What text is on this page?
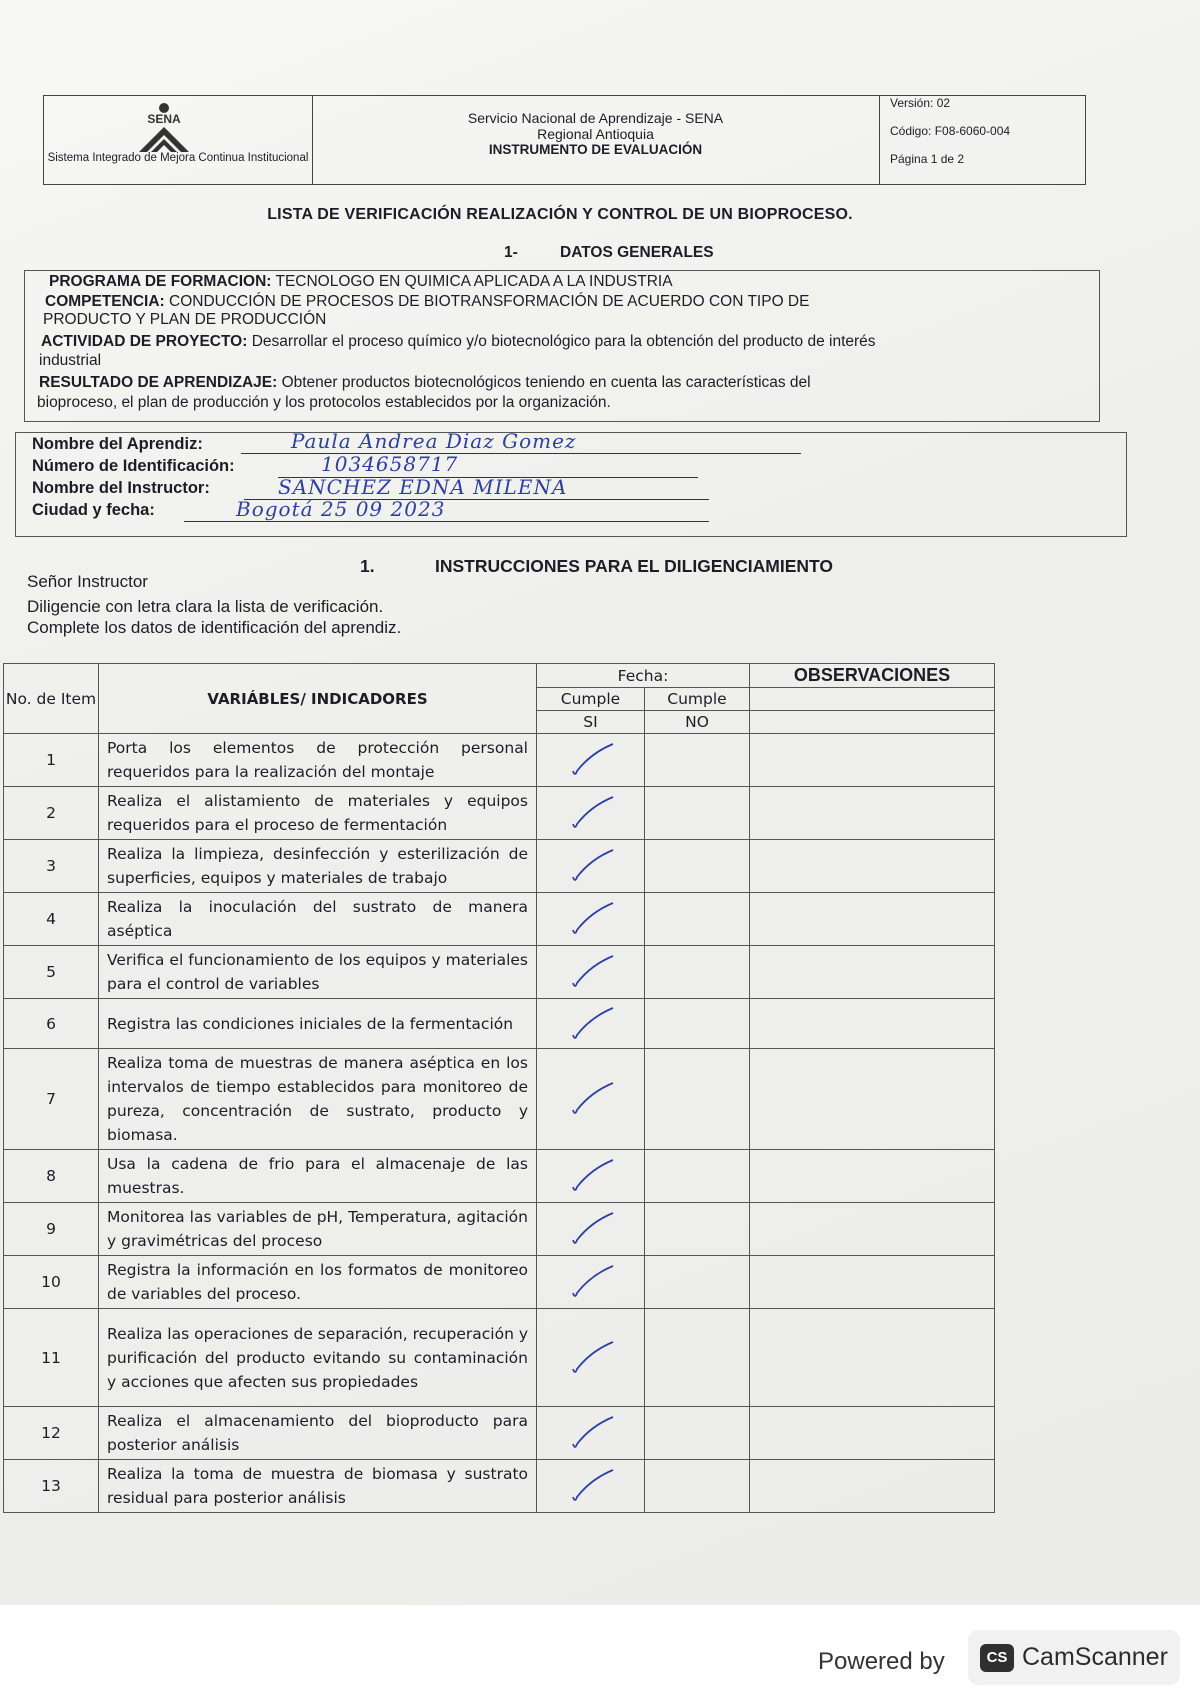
SENA
Sistema Integrado de Mejora Continua Institucional
Servicio Nacional de Aprendizaje - SENA
Regional Antioquia
INSTRUMENTO DE EVALUACIÓN
Versión: 02
Código: F08-6060-004
Página 1 de 2
LISTA DE VERIFICACIÓN REALIZACIÓN Y CONTROL DE UN BIOPROCESO.
1-	DATOS GENERALES

PROGRAMA DE FORMACION: TECNOLOGO EN QUIMICA APLICADA A LA INDUSTRIA

COMPETENCIA: CONDUCCIÓN DE PROCESOS DE BIOTRANSFORMACIÓN DE ACUERDO CON TIPO DE

PRODUCTO Y PLAN DE PRODUCCIÓN

ACTIVIDAD DE PROYECTO: Desarrollar el proceso químico y/o biotecnológico para la obtención del producto de interés

industrial

RESULTADO DE APRENDIZAJE: Obtener productos biotecnológicos teniendo en cuenta las características del

bioproceso, el plan de producción y los protocolos establecidos por la organización.

Nombre del Aprendiz:	Paula Andrea Diaz Gomez
Número de Identificación:	1034658717
Nombre del Instructor:	SANCHEZ EDNA MILENA
Ciudad y fecha:	Bogotá 25 09 2023
1.	INSTRUCCIONES PARA EL DILIGENCIAMIENTO
Señor Instructor
Diligencie con letra clara la lista de verificación.
Complete los datos de identificación del aprendiz.
No. de Item	VARIÁBLES/ INDICADORES	Fecha:		OBSERVACIONES
		Cumple	Cumple	
		SI	NO	
1	Porta los elementos de protección personal requeridos para la realización del montaje	

2	Realiza el alistamiento de materiales y equipos requeridos para el proceso de fermentación	

3	Realiza la limpieza, desinfección y esterilización de superficies, equipos y materiales de trabajo	

4	Realiza la inoculación del sustrato de manera aséptica	

5	Verifica el funcionamiento de los equipos y materiales para el control de variables	

6	Registra las condiciones iniciales de la fermentación	

7	Realiza toma de muestras de manera aséptica en los intervalos de tiempo establecidos para monitoreo de pureza, concentración de sustrato, producto y biomasa.	

8	Usa la cadena de frio para el almacenaje de las muestras.	

9	Monitorea las variables de pH, Temperatura, agitación y gravimétricas del proceso	

10	Registra la información en los formatos de monitoreo de variables del proceso.	

11	Realiza las operaciones de separación, recuperación y purificación del producto evitando su contaminación y acciones que afecten sus propiedades	

12	Realiza el almacenamiento del bioproducto para posterior análisis	

13	Realiza la toma de muestra de biomasa y sustrato residual para posterior análisis	

Powered by	CS CamScanner
